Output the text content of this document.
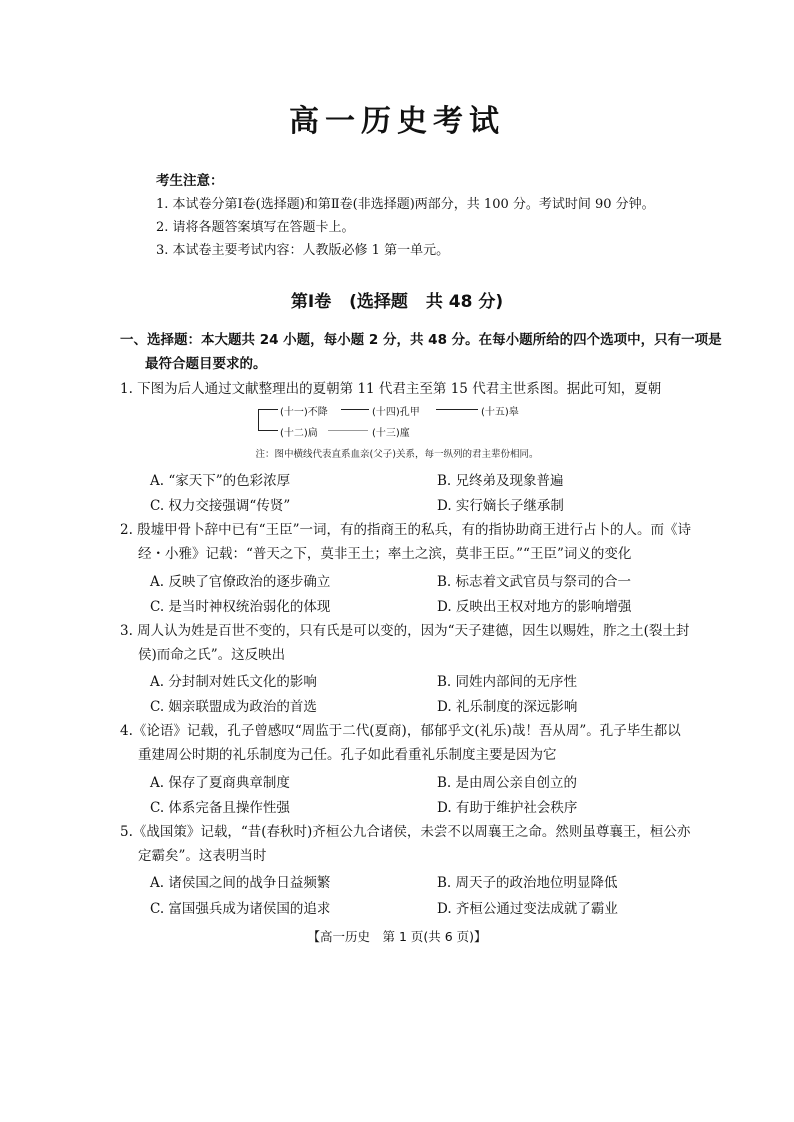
高一历史考试
考生注意：
1. 本试卷分第Ⅰ卷(选择题)和第Ⅱ卷(非选择题)两部分，共 100 分。考试时间 90 分钟。
2. 请将各题答案填写在答题卡上。
3. 本试卷主要考试内容：人教版必修 1 第一单元。
第Ⅰ卷 (选择题 共 48 分)
一、选择题：本大题共 24 小题，每小题 2 分，共 48 分。在每小题所给的四个选项中，只有一项是
最符合题目要求的。
1. 下图为后人通过文献整理出的夏朝第 11 代君主至第 15 代君主世系图。据此可知，夏朝
(十一)不降	(十四)孔甲	(十五)皋
(十二)扃	(十三)廑
注：图中横线代表直系血亲(父子)关系，每一纵列的君主辈份相同。
A. “家天下”的色彩浓厚	B. 兄终弟及现象普遍
C. 权力交接强调“传贤”	D. 实行嫡长子继承制
2. 殷墟甲骨卜辞中已有“王臣”一词，有的指商王的私兵，有的指协助商王进行占卜的人。而《诗
经・小雅》记载：“普天之下，莫非王土；率土之滨，莫非王臣。”“王臣”词义的变化
A. 反映了官僚政治的逐步确立	B. 标志着文武官员与祭司的合一
C. 是当时神权统治弱化的体现	D. 反映出王权对地方的影响增强
3. 周人认为姓是百世不变的，只有氏是可以变的，因为“天子建德，因生以赐姓，胙之土(裂土封
侯)而命之氏”。这反映出
A. 分封制对姓氏文化的影响	B. 同姓内部间的无序性
C. 姻亲联盟成为政治的首选	D. 礼乐制度的深远影响
4.《论语》记载，孔子曾感叹“周监于二代(夏商)，郁郁乎文(礼乐)哉！吾从周”。孔子毕生都以
重建周公时期的礼乐制度为己任。孔子如此看重礼乐制度主要是因为它
A. 保存了夏商典章制度	B. 是由周公亲自创立的
C. 体系完备且操作性强	D. 有助于维护社会秩序
5.《战国策》记载，“昔(春秋时)齐桓公九合诸侯，未尝不以周襄王之命。然则虽尊襄王，桓公亦
定霸矣”。这表明当时
A. 诸侯国之间的战争日益频繁	B. 周天子的政治地位明显降低
C. 富国强兵成为诸侯国的追求	D. 齐桓公通过变法成就了霸业
【高一历史　第 1 页(共 6 页)】
